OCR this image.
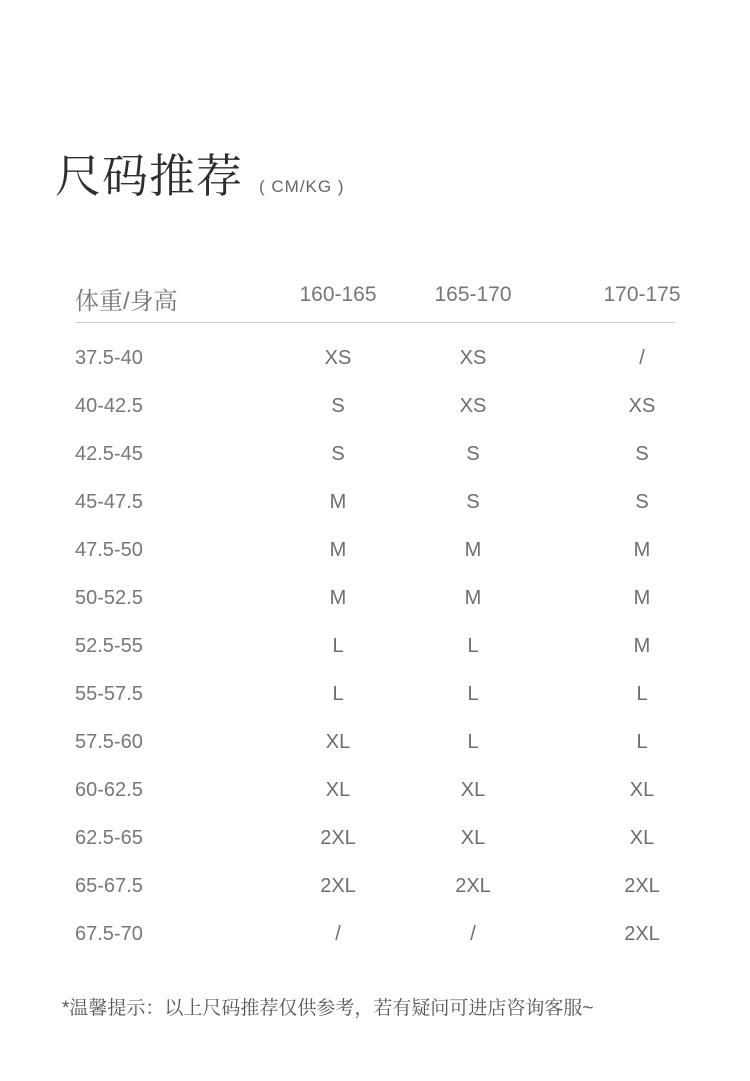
尺码推荐 ( CM/KG )
体重/身高	160-165	165-170	170-175
37.5-40	XS	XS	/
40-42.5	S	XS	XS
42.5-45	S	S	S
45-47.5	M	S	S
47.5-50	M	M	M
50-52.5	M	M	M
52.5-55	L	L	M
55-57.5	L	L	L
57.5-60	XL	L	L
60-62.5	XL	XL	XL
62.5-65	2XL	XL	XL
65-67.5	2XL	2XL	2XL
67.5-70	/	/	2XL
*温馨提示：以上尺码推荐仅供参考，若有疑问可进店咨询客服~
